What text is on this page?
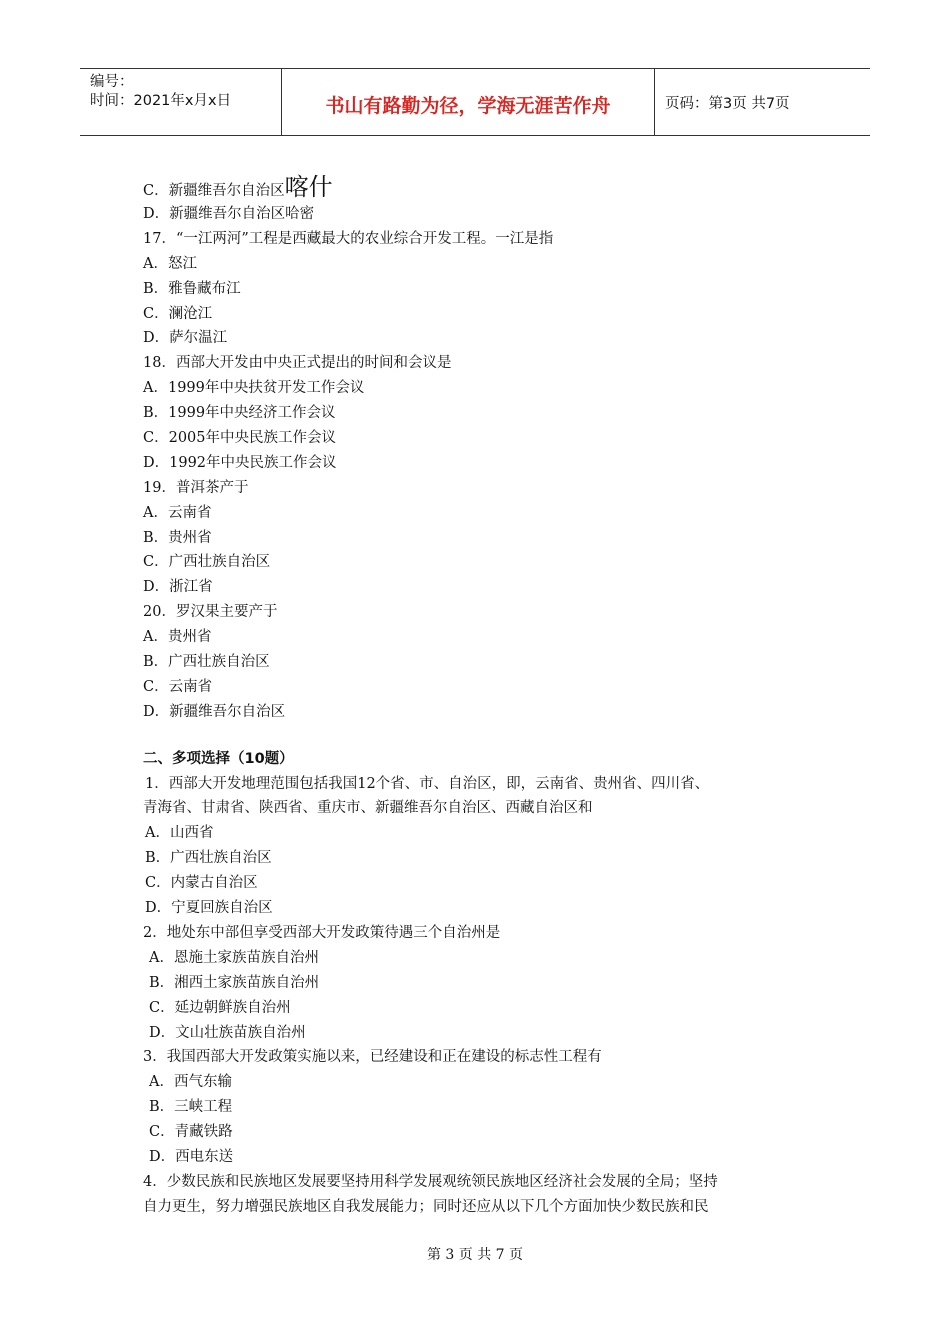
编号：
时间：2021年x月x日	书山有路勤为径，学海无涯苦作舟	页码：第3页 共7页
C．新疆维吾尔自治区喀什
D．新疆维吾尔自治区哈密
17．“一江两河”工程是西藏最大的农业综合开发工程。一江是指
A．怒江
B．雅鲁藏布江
C．澜沧江
D．萨尔温江
18．西部大开发由中央正式提出的时间和会议是
A．1999年中央扶贫开发工作会议
B．1999年中央经济工作会议
C．2005年中央民族工作会议
D．1992年中央民族工作会议
19．普洱茶产于
A．云南省
B．贵州省
C．广西壮族自治区
D．浙江省
20．罗汉果主要产于
A．贵州省
B．广西壮族自治区
C．云南省
D．新疆维吾尔自治区
二、多项选择（10题）
1．西部大开发地理范围包括我国12个省、市、自治区，即，云南省、贵州省、四川省、
青海省、甘肃省、陕西省、重庆市、新疆维吾尔自治区、西藏自治区和
A．山西省
B．广西壮族自治区
C．内蒙古自治区
D．宁夏回族自治区
2．地处东中部但享受西部大开发政策待遇三个自治州是
A．恩施土家族苗族自治州
B．湘西土家族苗族自治州
C．延边朝鲜族自治州
D．文山壮族苗族自治州
3．我国西部大开发政策实施以来，已经建设和正在建设的标志性工程有
A．西气东输
B．三峡工程
C．青藏铁路
D．西电东送
4．少数民族和民族地区发展要坚持用科学发展观统领民族地区经济社会发展的全局；坚持
自力更生，努力增强民族地区自我发展能力；同时还应从以下几个方面加快少数民族和民
第 3 页 共 7 页
